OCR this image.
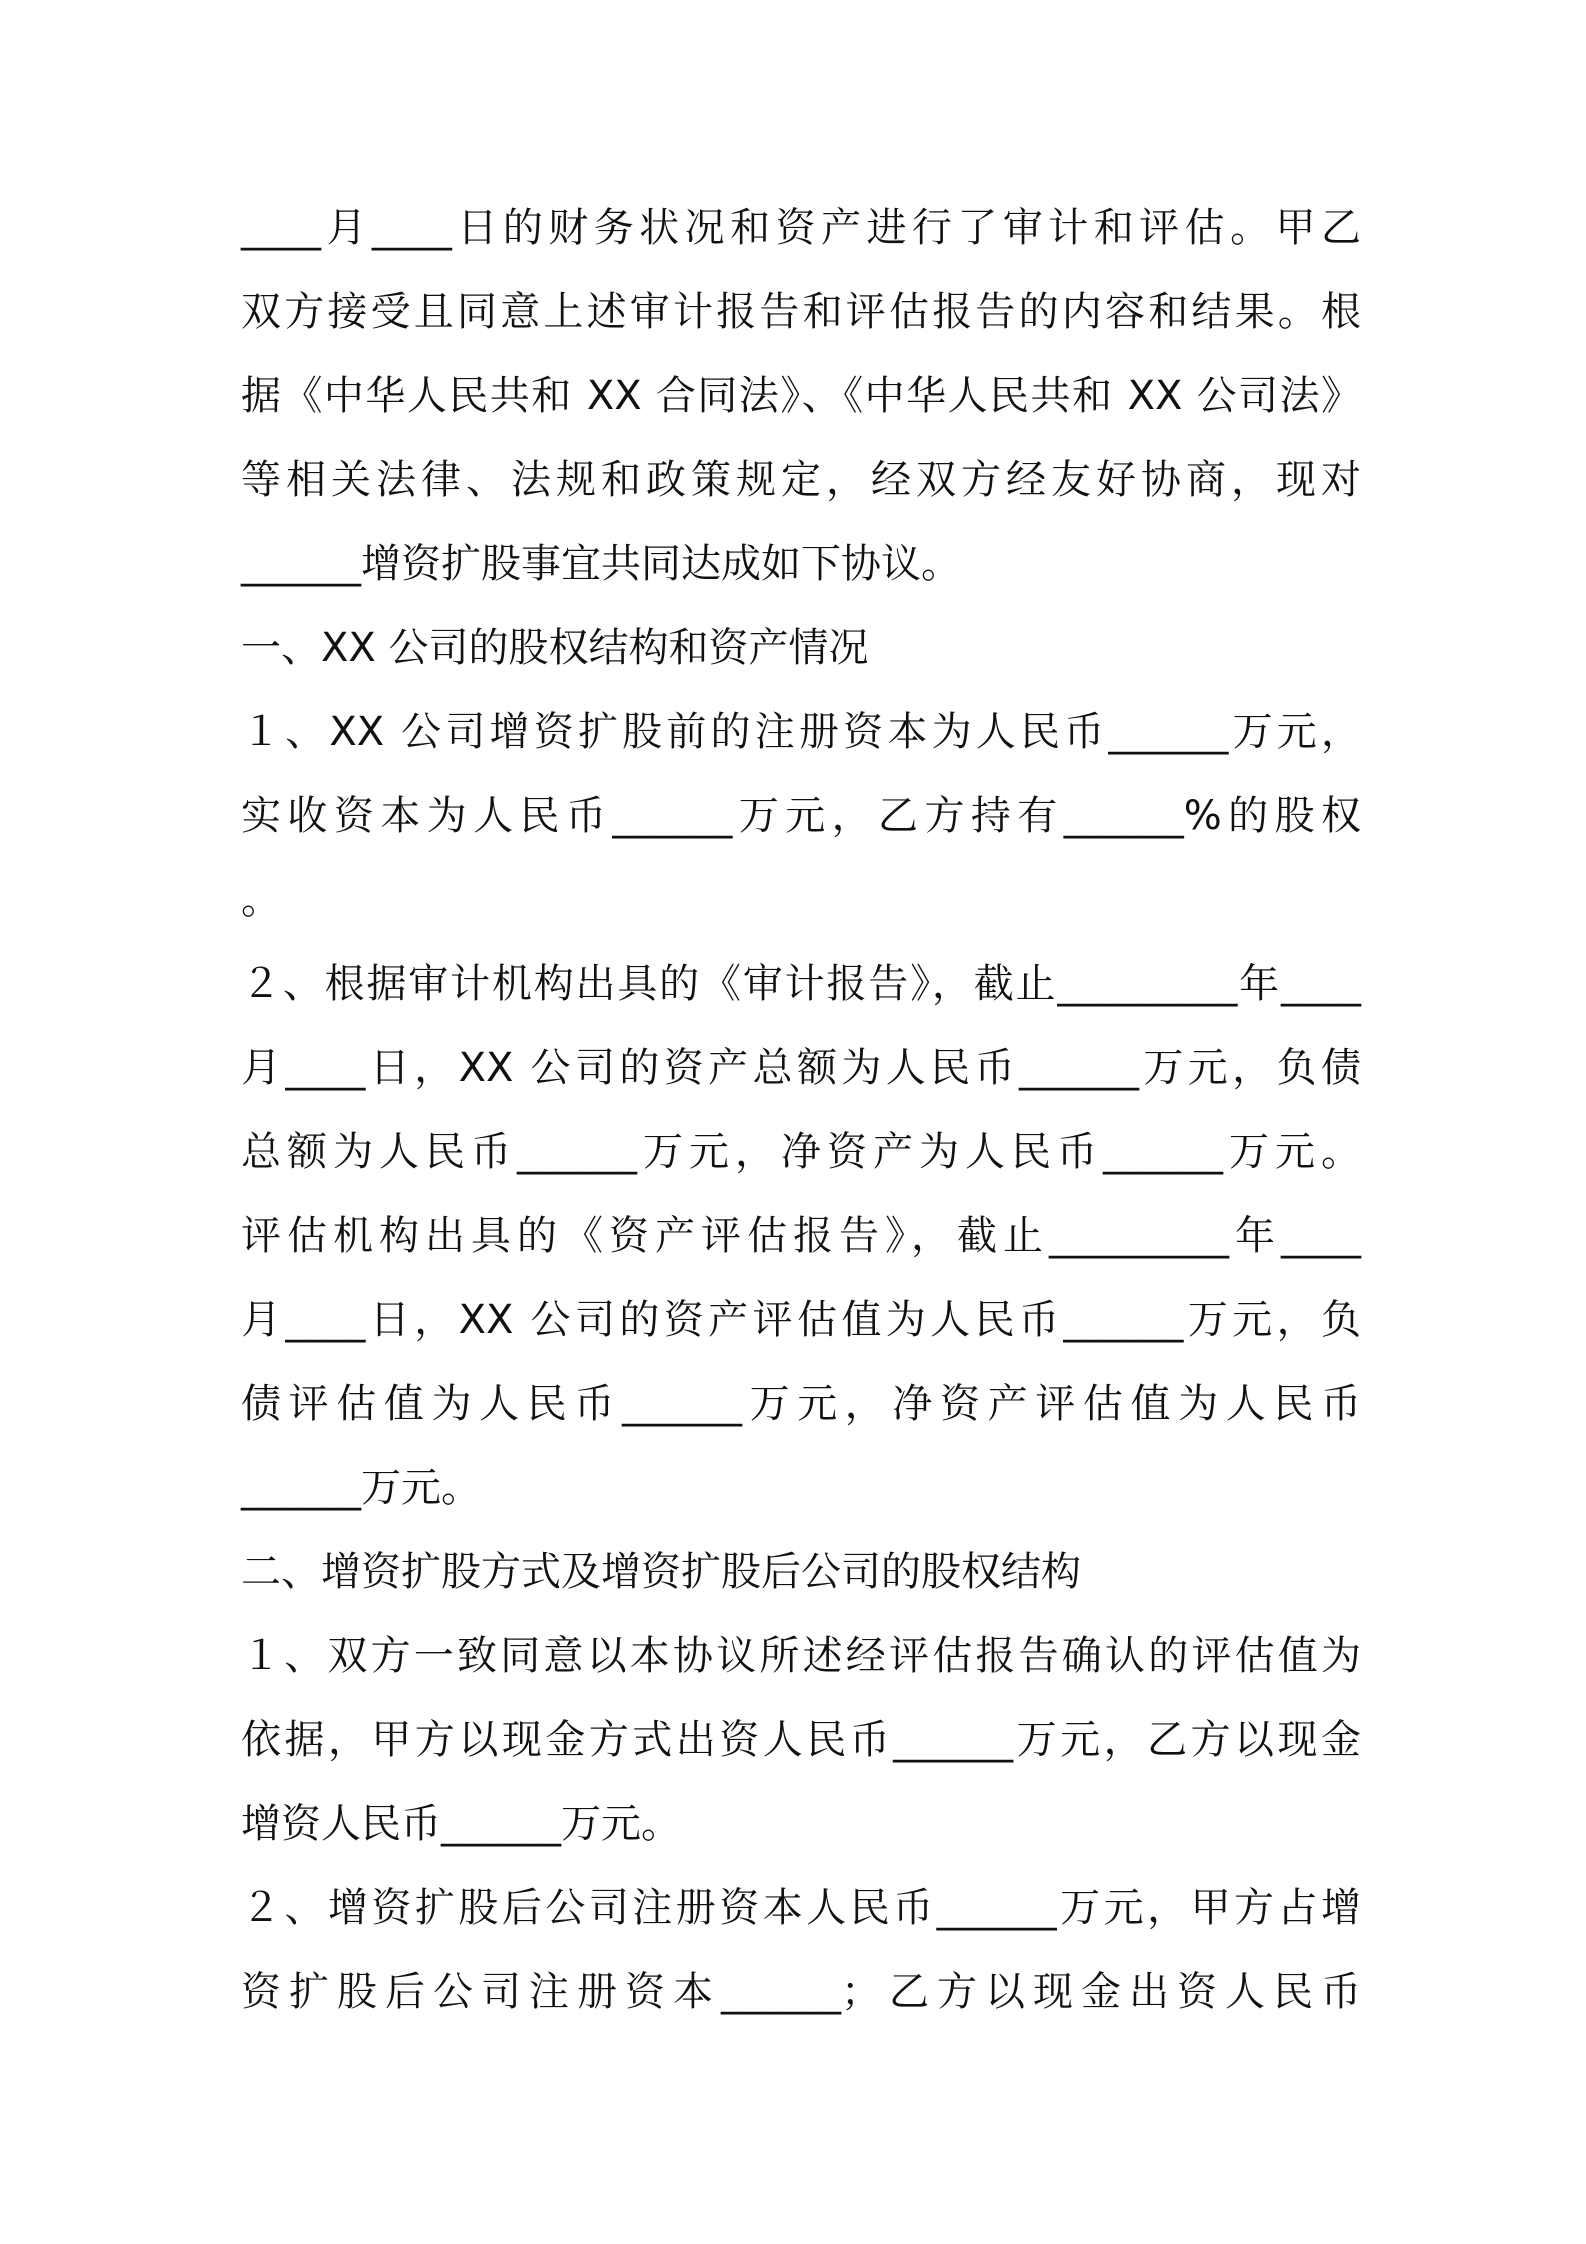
____月____日的财务状况和资产进行了审计和评估。甲乙
双方接受且同意上述审计报告和评估报告的内容和结果。根
据《中华人民共和 XX 合同法》、《中华人民共和 XX 公司法》
等相关法律、法规和政策规定，经双方经友好协商，现对
______增资扩股事宜共同达成如下协议。
一、XX 公司的股权结构和资产情况
１、XX 公司增资扩股前的注册资本为人民币______万元，
实收资本为人民币______万元，乙方持有______%的股权
。
２、根据审计机构出具的《审计报告》，截止_________年____
月____日，XX 公司的资产总额为人民币______万元，负债
总额为人民币______万元，净资产为人民币______万元。
评估机构出具的《资产评估报告》，截止_________年____
月____日，XX 公司的资产评估值为人民币______万元，负
债评估值为人民币______万元，净资产评估值为人民币
______万元。
二、增资扩股方式及增资扩股后公司的股权结构
１、双方一致同意以本协议所述经评估报告确认的评估值为
依据，甲方以现金方式出资人民币______万元，乙方以现金
增资人民币______万元。
２、增资扩股后公司注册资本人民币______万元，甲方占增
资扩股后公司注册资本______；乙方以现金出资人民币
